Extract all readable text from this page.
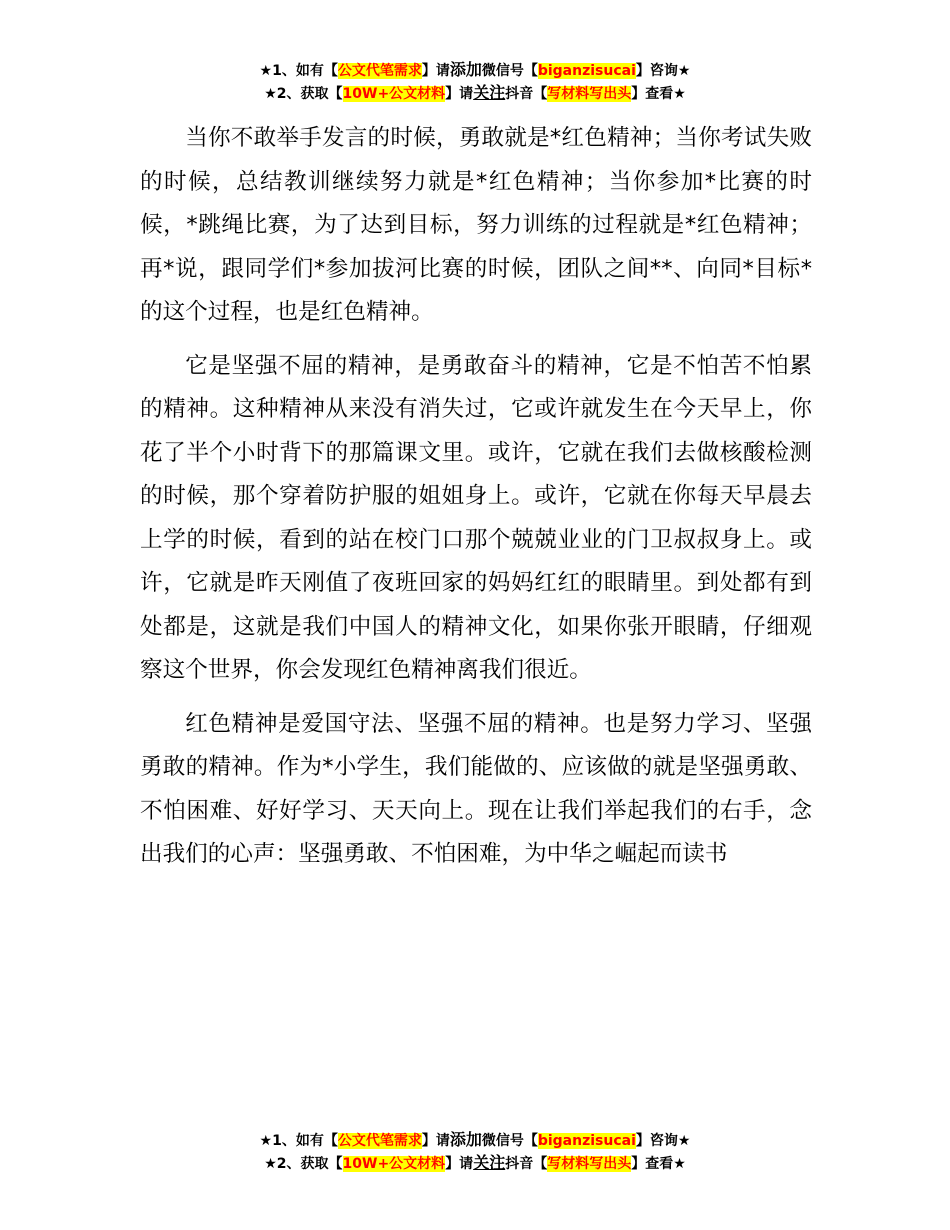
★1、如有【公文代笔需求】请添加微信号【biganzisucai】咨询★
★2、获取【10W+公文材料】请关注抖音【写材料写出头】查看★

当你不敢举手发言的时候，勇敢就是*红色精神；当你考试失败的时候，总结教训继续努力就是*红色精神；当你参加*比赛的时候，*跳绳比赛，为了达到目标，努力训练的过程就是*红色精神；再*说，跟同学们*参加拔河比赛的时候，团队之间**、向同*目标*的这个过程，也是红色精神。

它是坚强不屈的精神，是勇敢奋斗的精神，它是不怕苦不怕累的精神。这种精神从来没有消失过，它或许就发生在今天早上，你花了半个小时背下的那篇课文里。或许，它就在我们去做核酸检测的时候，那个穿着防护服的姐姐身上。或许，它就在你每天早晨去上学的时候，看到的站在校门口那个兢兢业业的门卫叔叔身上。或许，它就是昨天刚值了夜班回家的妈妈红红的眼睛里。到处都有到处都是，这就是我们中国人的精神文化，如果你张开眼睛，仔细观察这个世界，你会发现红色精神离我们很近。

红色精神是爱国守法、坚强不屈的精神。也是努力学习、坚强勇敢的精神。作为*小学生，我们能做的、应该做的就是坚强勇敢、不怕困难、好好学习、天天向上。现在让我们举起我们的右手，念出我们的心声：坚强勇敢、不怕困难，为中华之崛起而读书

★1、如有【公文代笔需求】请添加微信号【biganzisucai】咨询★
★2、获取【10W+公文材料】请关注抖音【写材料写出头】查看★
